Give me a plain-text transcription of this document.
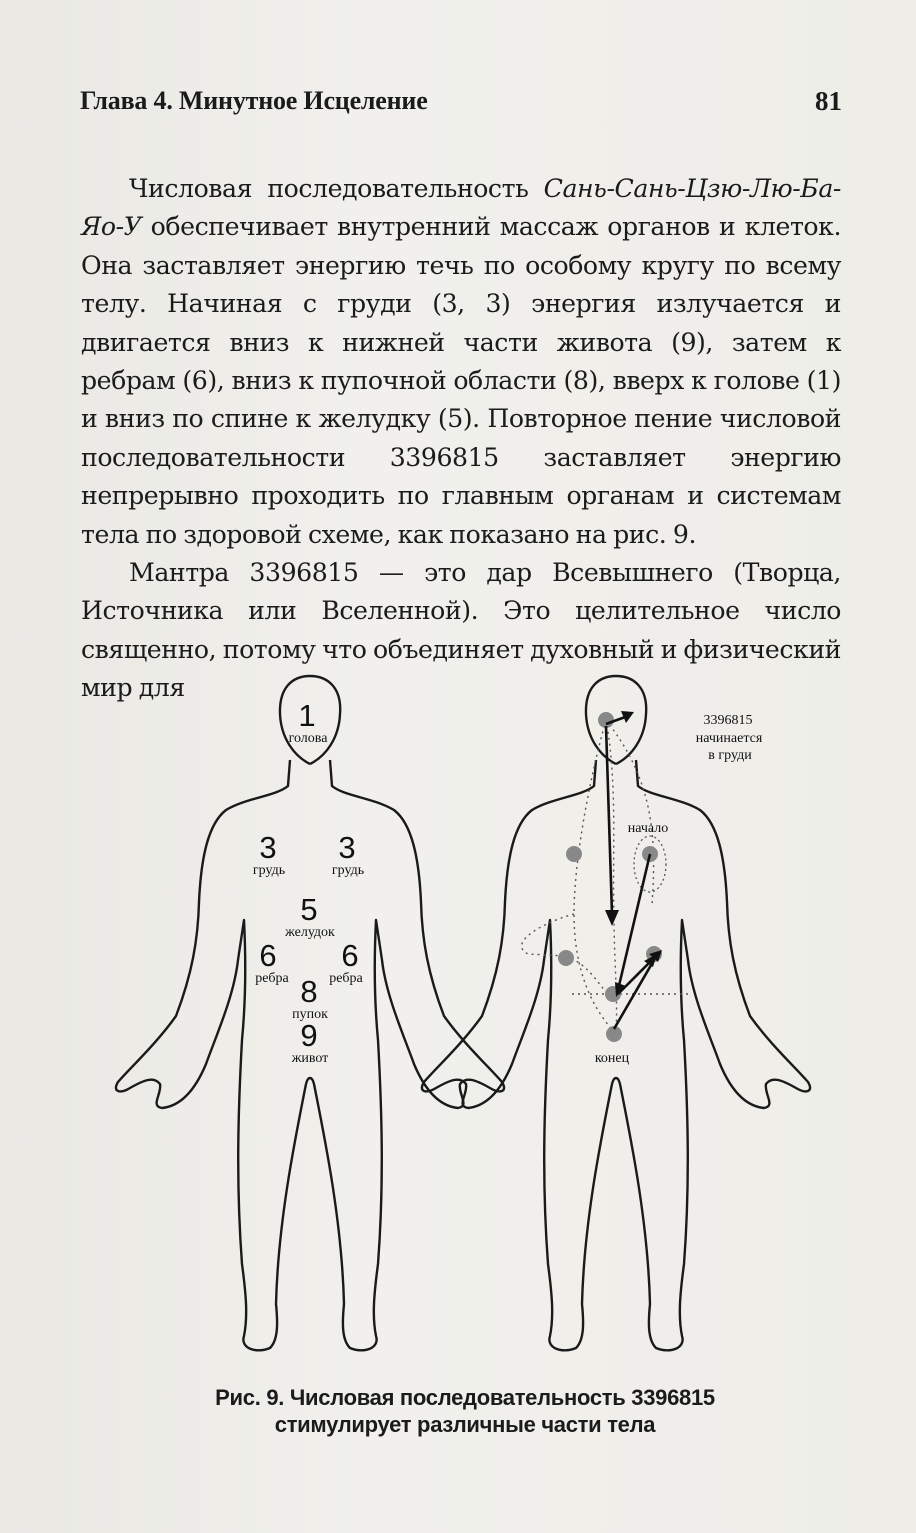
Глава 4. Минутное Исцеление	81

Числовая последовательность Сань-Сань-Цзю-Лю-Ба-Яо-У обеспечивает внутренний массаж органов и клеток. Она заставляет энергию течь по особому кругу по всему телу. Начиная с груди (3, 3) энергия излучается и двигается вниз к нижней части живота (9), затем к ребрам (6), вниз к пупочной области (8), вверх к голове (1) и вниз по спине к желудку (5). Повторное пение числовой последовательности 3396815 заставляет энергию непрерывно проходить по главным органам и системам тела по здоровой схеме, как показано на рис. 9.

Мантра 3396815 — это дар Всевышнего (Творца, Источника или Вселенной). Это целительное число священно, потому что объединяет духовный и физический мир для

1
голова
3
грудь
3
грудь
5
желудок
6
ребра
6
ребра
8
пупок
9
живот
3396815
начинается
в груди
начало
конец
Рис. 9. Числовая последовательность 3396815
стимулирует различные части тела
